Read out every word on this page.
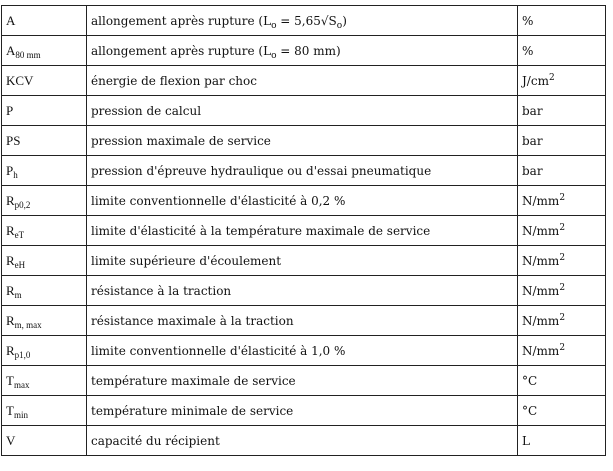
A	allongement après rupture $(L_o = 5,65√S_o)$	%
$A_{80 mm}$	allongement après rupture ($L_o = 80$ mm)	%
KCV	énergie de flexion par choc	$J/cm^2$
P	pression de calcul	bar
PS	pression maximale de service	bar
$P_h$	pression d'épreuve hydraulique ou d'essai pneumatique	bar
$R_{p0,2}$	limite conventionnelle d'élasticité à 0,2 %	$N/mm^2$
$R_{eT}$	limite d'élasticité à la température maximale de service	$N/mm^2$
$R_{eH}$	limite supérieure d'écoulement	$N/mm^2$
$R_m$	résistance à la traction	$N/mm^2$
$R_{m, max}$	résistance maximale à la traction	$N/mm^2$
$R_{p1,0}$	limite conventionnelle d'élasticité à 1,0 %	$N/mm^2$
$T_{max}$	température maximale de service	°C
$T_{min}$	température minimale de service	°C
V	capacité du récipient	L
